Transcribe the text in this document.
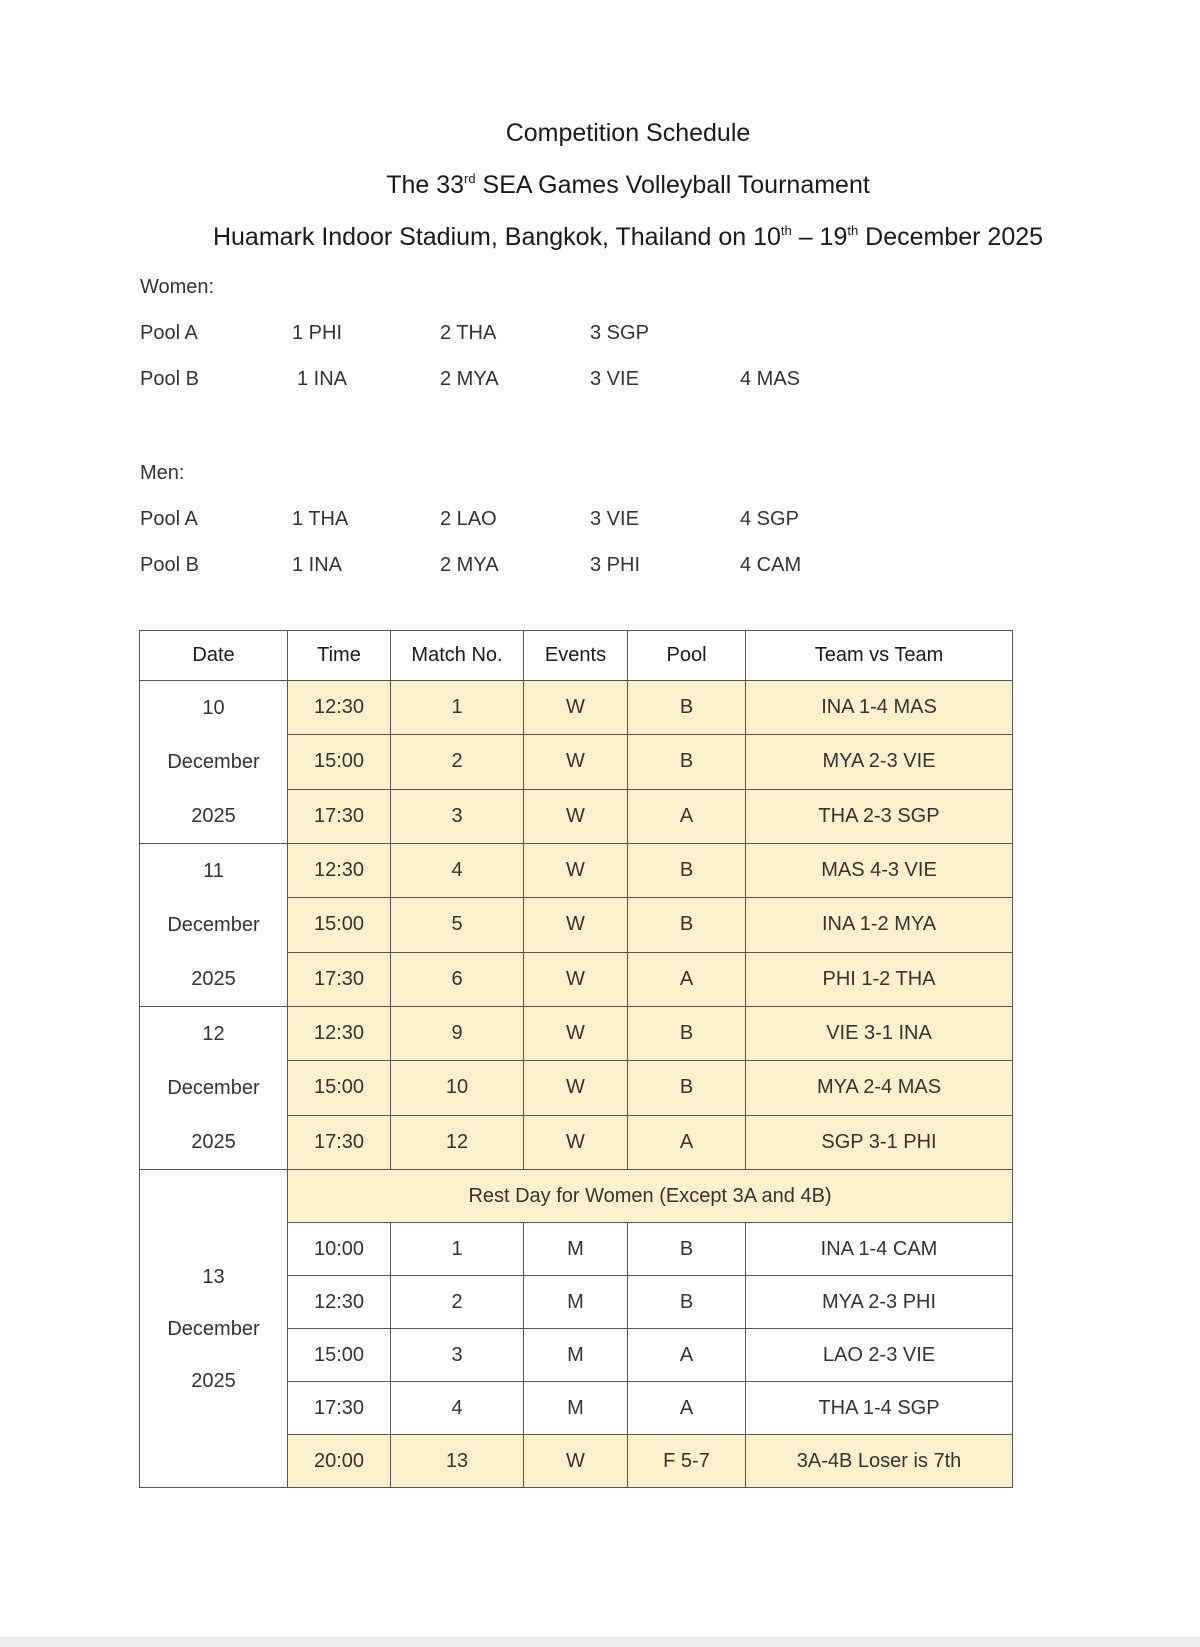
Competition Schedule
The 33rd SEA Games Volleyball Tournament
Huamark Indoor Stadium, Bangkok, Thailand on 10th – 19th December 2025
Women:
Pool A	1 PHI	2 THA	3 SGP
Pool B	1 INA	2 MYA	3 VIE	4 MAS
Men:
Pool A	1 THA	2 LAO	3 VIE	4 SGP
Pool B	1 INA	2 MYA	3 PHI	4 CAM
Date	Time	Match No.	Events	Pool	Team vs Team

10
December
2025	12:30	1	W	B	INA 1-4 MAS
	15:00	2	W	B	MYA 2-3 VIE
	17:30	3	W	A	THA 2-3 SGP

11
December
2025	12:30	4	W	B	MAS 4-3 VIE
	15:00	5	W	B	INA 1-2 MYA
	17:30	6	W	A	PHI 1-2 THA

12
December
2025	12:30	9	W	B	VIE 3-1 INA
	15:00	10	W	B	MYA 2-4 MAS
	17:30	12	W	A	SGP 3-1 PHI

13
December
2025	Rest Day for Women (Except 3A and 4B)				
	10:00	1	M	B	INA 1-4 CAM
	12:30	2	M	B	MYA 2-3 PHI
	15:00	3	M	A	LAO 2-3 VIE
	17:30	4	M	A	THA 1-4 SGP
	20:00	13	W	F 5-7	3A-4B Loser is 7th
